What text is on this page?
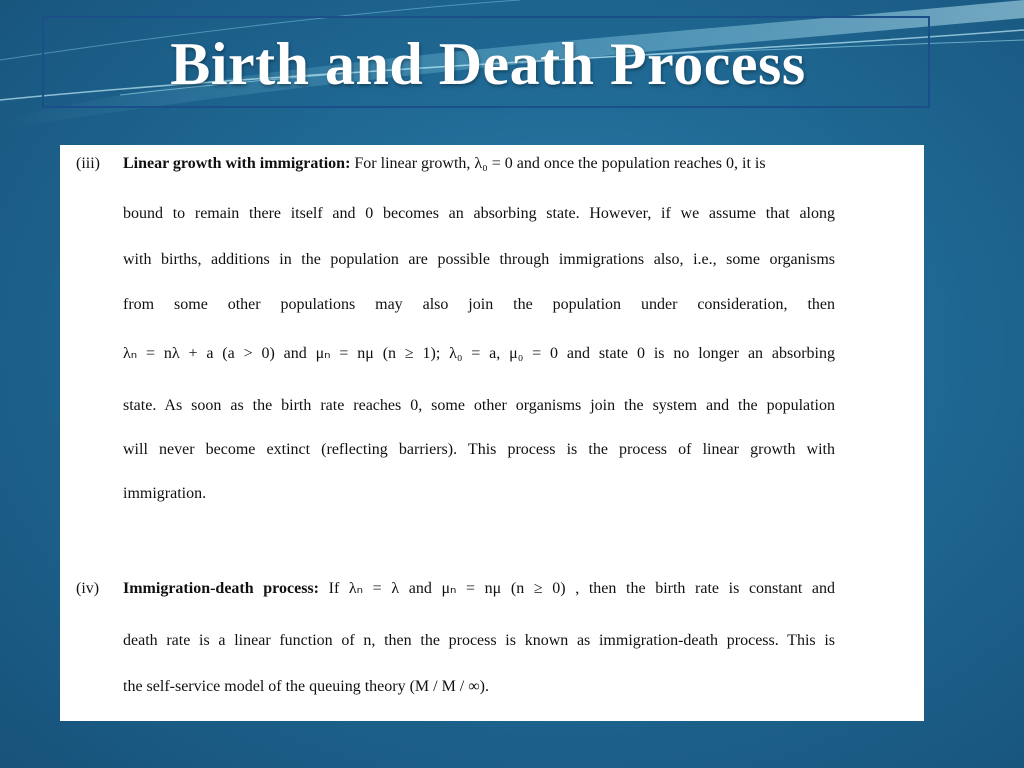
Birth and Death Process

(iii) Linear growth with immigration: For linear growth, λ₀ = 0 and once the population reaches 0, it is

bound to remain there itself and 0 becomes an absorbing state. However, if we assume that along

with births, additions in the population are possible through immigrations also, i.e., some organisms

from some other populations may also join the population under consideration, then

λₙ = nλ + a (a > 0) and μₙ = nμ (n ≥ 1); λ₀ = a, μ₀ = 0 and state 0 is no longer an absorbing

state. As soon as the birth rate reaches 0, some other organisms join the system and the population

will never become extinct (reflecting barriers). This process is the process of linear growth with

immigration.

(iv) Immigration-death process: If λₙ = λ and μₙ = nμ (n ≥ 0) , then the birth rate is constant and

death rate is a linear function of n, then the process is known as immigration-death process. This is

the self-service model of the queuing theory (M / M / ∞).
